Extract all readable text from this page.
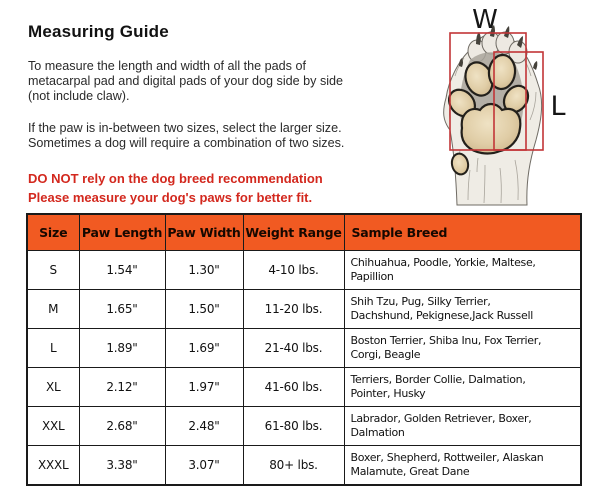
Measuring Guide
To measure the length and width of all the pads of
metacarpal pad and digital pads of your dog side by side
(not include claw).
If the paw is in-between two sizes, select the larger size.
Sometimes a dog will require a combination of two sizes.
DO NOT rely on the dog breed recommendation
Please measure your dog's paws for better fit.
W
L
Size	Paw Length	Paw Width	Weight Range	Sample Breed
S	1.54"	1.30"	4-10 lbs.	Chihuahua, Poodle, Yorkie, Maltese,
Papillion

M	1.65"	1.50"	11-20 lbs.	Shih Tzu, Pug, Silky Terrier,
Dachshund, Pekignese,Jack Russell

L	1.89"	1.69"	21-40 lbs.	Boston Terrier, Shiba Inu, Fox Terrier,
Corgi, Beagle

XL	2.12"	1.97"	41-60 lbs.	Terriers, Border Collie, Dalmation,
Pointer, Husky

XXL	2.68"	2.48"	61-80 lbs.	Labrador, Golden Retriever, Boxer,
Dalmation

XXXL	3.38"	3.07"	80+ lbs.	Boxer, Shepherd, Rottweiler, Alaskan
Malamute, Great Dane
